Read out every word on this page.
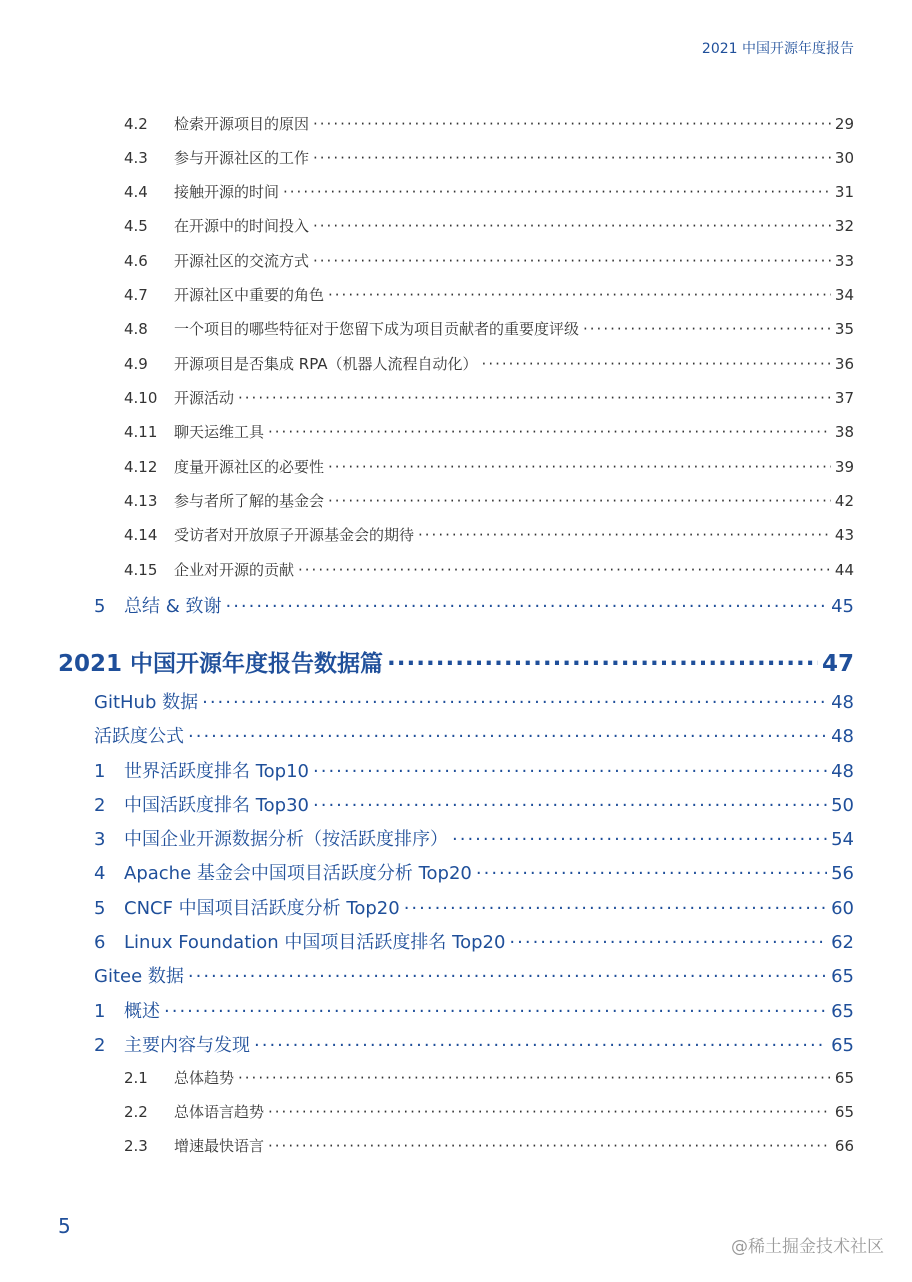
2021 中国开源年度报告
4.2	检索开源项目的原因 ·····	29
4.3	参与开源社区的工作 ·····	30
4.4	接触开源的时间 ·····	31
4.5	在开源中的时间投入 ·····	32
4.6	开源社区的交流方式 ·····	33
4.7	开源社区中重要的角色 ·····	34
4.8	一个项目的哪些特征对于您留下成为项目贡献者的重要度评级 ·····	35
4.9	开源项目是否集成 RPA（机器人流程自动化） ·····	36
4.10	开源活动 ·····	37
4.11	聊天运维工具 ·····	38
4.12	度量开源社区的必要性 ·····	39
4.13	参与者所了解的基金会 ·····	42
4.14	受访者对开放原子开源基金会的期待 ·····	43
4.15	企业对开源的贡献 ·····	44
5	总结 & 致谢 ·····	45
2021 中国开源年度报告数据篇 ·····	47
GitHub 数据 ·····	48
活跃度公式 ·····	48
1	世界活跃度排名 Top10 ·····	48
2	中国活跃度排名 Top30 ·····	50
3	中国企业开源数据分析（按活跃度排序） ·····	54
4	Apache 基金会中国项目活跃度分析 Top20 ·····	56
5	CNCF 中国项目活跃度分析 Top20 ·····	60
6	Linux Foundation 中国项目活跃度排名 Top20 ·····	62
Gitee 数据 ·····	65
1	概述 ·····	65
2	主要内容与发现 ·····	65
2.1	总体趋势 ·····	65
2.2	总体语言趋势 ·····	65
2.3	增速最快语言 ·····	66
5
@稀土掘金技术社区
